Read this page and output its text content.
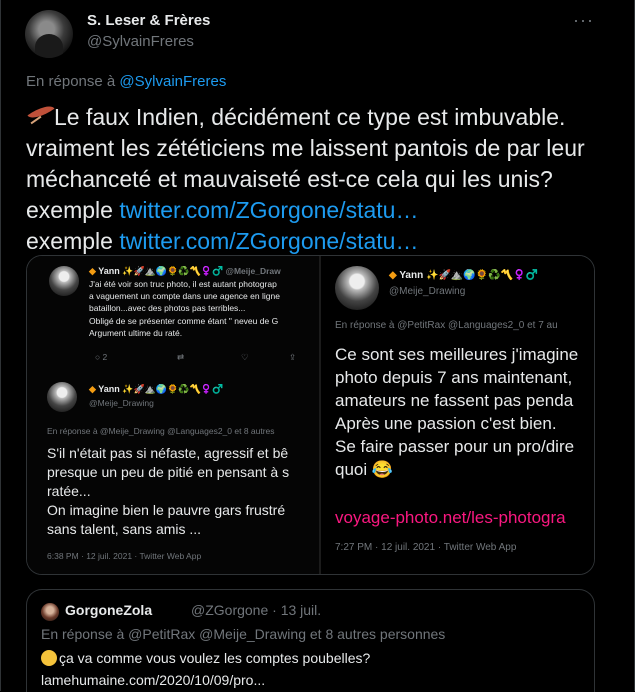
S. Leser & Frères
@SylvainFreres
···
En réponse à @SylvainFreres
Le faux Indien, décidément ce type est imbuvable.
vraiment les zététiciens me laissent pantois de par leur
méchanceté et mauvaiseté est-ce cela qui les unis?
exemple twitter.com/ZGorgone/statu…
exemple twitter.com/ZGorgone/statu…
◆ Yann ✨🚀⛰️🌍🌻♻️〽️♀️♂️ @Meije_Draw
J'ai été voir son truc photo, il est autant photograp
a vaguement un compte dans une agence en ligne
bataillon...avec des photos pas terribles...
Obligé de se présenter comme étant " neveu de G
Argument ultime du raté.
○ 2	⇄	♡	⇪
◆ Yann ✨🚀⛰️🌍🌻♻️〽️♀️♂️
@Meije_Drawing
En réponse à @Meije_Drawing @Languages2_0 et 8 autres
S'il n'était pas si néfaste, agressif et bê
presque un peu de pitié en pensant à s
ratée...
On imagine bien le pauvre gars frustré
sans talent, sans amis ...
6:38 PM · 12 juil. 2021 · Twitter Web App
◆ Yann ✨🚀⛰️🌍🌻♻️〽️♀️♂️
@Meije_Drawing
En réponse à @PetitRax @Languages2_0 et 7 au
Ce sont ses meilleures j'imagine
photo depuis 7 ans maintenant,
amateurs ne fassent pas penda
Après une passion c'est bien.
Se faire passer pour un pro/dire
quoi 😂
voyage-photo.net/les-photogra
7:27 PM · 12 juil. 2021 · Twitter Web App
GorgoneZola	@ZGorgone · 13 juil.
En réponse à @PetitRax @Meije_Drawing et 8 autres personnes
ça va comme vous voulez les comptes poubelles?
lamehumaine.com/2020/10/09/pro...
